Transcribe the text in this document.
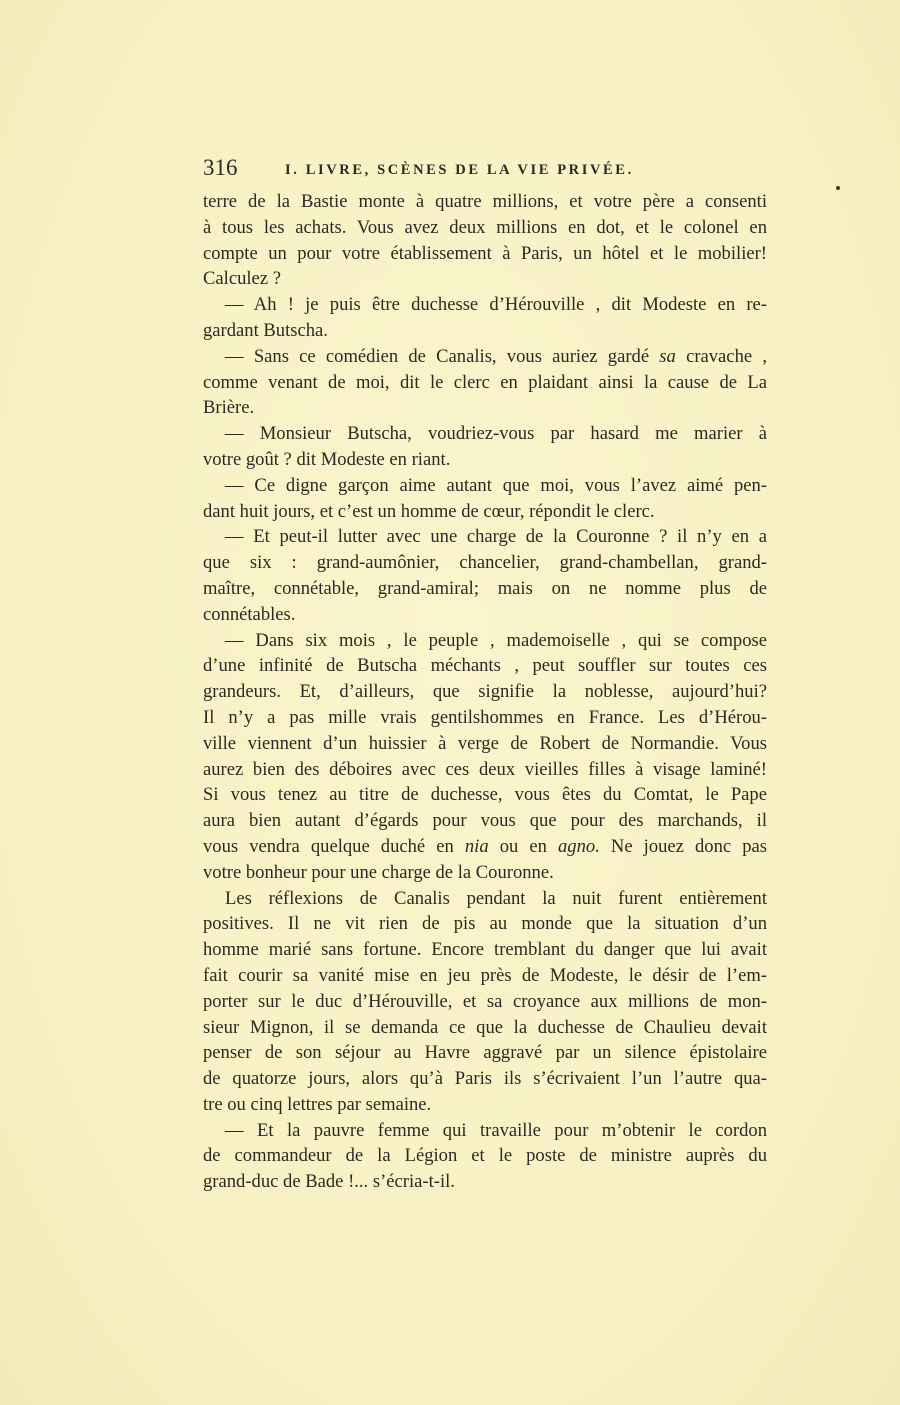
316	I. LIVRE, SCÈNES DE LA VIE PRIVÉE.
terre de la Bastie monte à quatre millions, et votre père a consenti
à tous les achats. Vous avez deux millions en dot, et le colonel en
compte un pour votre établissement à Paris, un hôtel et le mobilier!
Calculez ?
— Ah ! je puis être duchesse d’Hérouville , dit Modeste en re-
gardant Butscha.
— Sans ce comédien de Canalis, vous auriez gardé sa cravache ,
comme venant de moi, dit le clerc en plaidant ainsi la cause de La
Brière.
— Monsieur Butscha, voudriez-vous par hasard me marier à
votre goût ? dit Modeste en riant.
— Ce digne garçon aime autant que moi, vous l’avez aimé pen-
dant huit jours, et c’est un homme de cœur, répondit le clerc.
— Et peut-il lutter avec une charge de la Couronne ? il n’y en a
que six : grand-aumônier, chancelier, grand-chambellan, grand-
maître, connétable, grand-amiral; mais on ne nomme plus de
connétables.
— Dans six mois , le peuple , mademoiselle , qui se compose
d’une infinité de Butscha méchants , peut souffler sur toutes ces
grandeurs. Et, d’ailleurs, que signifie la noblesse, aujourd’hui?
Il n’y a pas mille vrais gentilshommes en France. Les d’Hérou-
ville viennent d’un huissier à verge de Robert de Normandie. Vous
aurez bien des déboires avec ces deux vieilles filles à visage laminé!
Si vous tenez au titre de duchesse, vous êtes du Comtat, le Pape
aura bien autant d’égards pour vous que pour des marchands, il
vous vendra quelque duché en nia ou en agno. Ne jouez donc pas
votre bonheur pour une charge de la Couronne.
Les réflexions de Canalis pendant la nuit furent entièrement
positives. Il ne vit rien de pis au monde que la situation d’un
homme marié sans fortune. Encore tremblant du danger que lui avait
fait courir sa vanité mise en jeu près de Modeste, le désir de l’em-
porter sur le duc d’Hérouville, et sa croyance aux millions de mon-
sieur Mignon, il se demanda ce que la duchesse de Chaulieu devait
penser de son séjour au Havre aggravé par un silence épistolaire
de quatorze jours, alors qu’à Paris ils s’écrivaient l’un l’autre qua-
tre ou cinq lettres par semaine.
— Et la pauvre femme qui travaille pour m’obtenir le cordon
de commandeur de la Légion et le poste de ministre auprès du
grand-duc de Bade !... s’écria-t-il.
